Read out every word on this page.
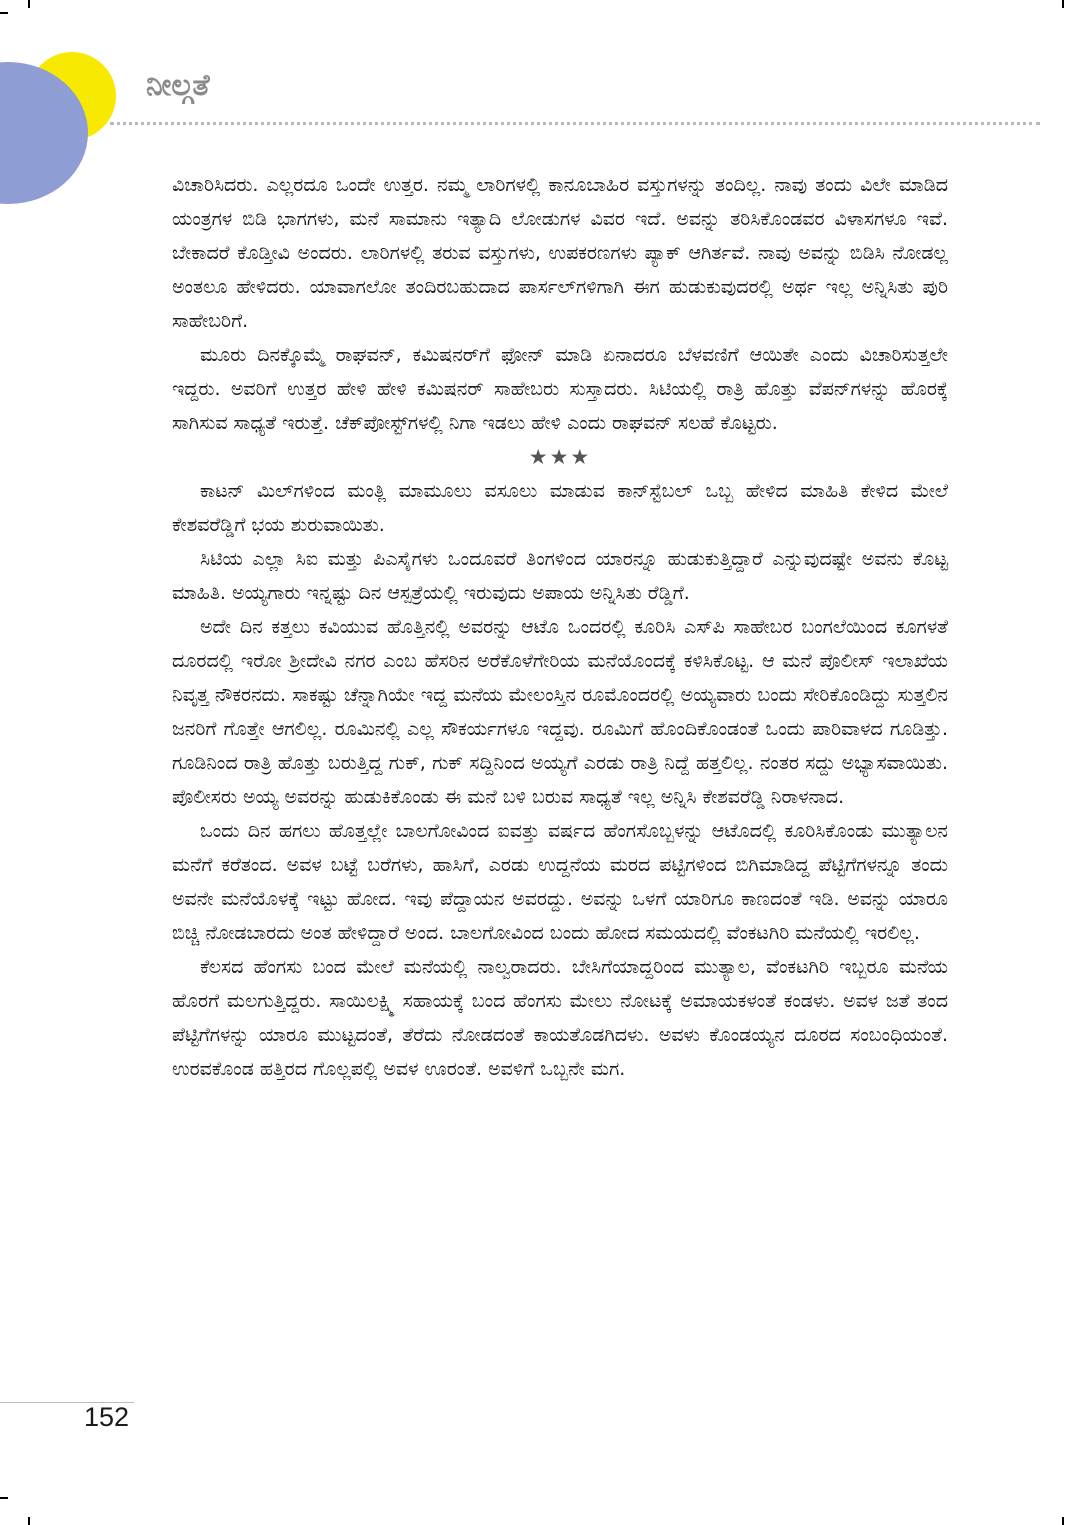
ನೀಲ್ಗತೆ

ವಿಚಾರಿಸಿದರು. ಎಲ್ಲರದೂ ಒಂದೇ ಉತ್ತರ. ನಮ್ಮ ಲಾರಿಗಳಲ್ಲಿ ಕಾನೂಬಾಹಿರ ವಸ್ತುಗಳನ್ನು ತಂದಿಲ್ಲ. ನಾವು ತಂದು ವಿಲೇ ಮಾಡಿದ ಯಂತ್ರಗಳ ಬಿಡಿ ಭಾಗಗಳು, ಮನೆ ಸಾಮಾನು ಇತ್ಯಾದಿ ಲೋಡುಗಳ ವಿವರ ಇದೆ. ಅವನ್ನು ತರಿಸಿಕೊಂಡವರ ವಿಳಾಸಗಳೂ ಇವೆ. ಬೇಕಾದರೆ ಕೊಡ್ತೀವಿ ಅಂದರು. ಲಾರಿಗಳಲ್ಲಿ ತರುವ ವಸ್ತುಗಳು, ಉಪಕರಣಗಳು ಪ್ಯಾಕ್ ಆಗಿರ್ತವೆ. ನಾವು ಅವನ್ನು ಬಿಡಿಸಿ ನೋಡಲ್ಲ ಅಂತಲೂ ಹೇಳಿದರು. ಯಾವಾಗಲೋ ತಂದಿರಬಹುದಾದ ಪಾರ್ಸಲ್‌ಗಳಿಗಾಗಿ ಈಗ ಹುಡುಕುವುದರಲ್ಲಿ ಅರ್ಥ ಇಲ್ಲ ಅನ್ನಿಸಿತು ಪುರಿ ಸಾಹೇಬರಿಗೆ.

ಮೂರು ದಿನಕ್ಕೊಮ್ಮೆ ರಾಘವನ್, ಕಮಿಷನರ್‌ಗೆ ಫೋನ್ ಮಾಡಿ ಏನಾದರೂ ಬೆಳವಣಿಗೆ ಆಯಿತೇ ಎಂದು ವಿಚಾರಿಸುತ್ತಲೇ ಇದ್ದರು. ಅವರಿಗೆ ಉತ್ತರ ಹೇಳಿ ಹೇಳಿ ಕಮಿಷನರ್ ಸಾಹೇಬರು ಸುಸ್ತಾದರು. ಸಿಟಿಯಲ್ಲಿ ರಾತ್ರಿ ಹೊತ್ತು ವೆಪನ್‌ಗಳನ್ನು ಹೊರಕ್ಕೆ ಸಾಗಿಸುವ ಸಾಧ್ಯತೆ ಇರುತ್ತೆ. ಚೆಕ್‌ಪೋಸ್ಟ್‌ಗಳಲ್ಲಿ ನಿಗಾ ಇಡಲು ಹೇಳಿ ಎಂದು ರಾಘವನ್ ಸಲಹೆ ಕೊಟ್ಟರು.

★★★

ಕಾಟನ್ ಮಿಲ್‌ಗಳಿಂದ ಮಂತ್ಲಿ ಮಾಮೂಲು ವಸೂಲು ಮಾಡುವ ಕಾನ್‌ಸ್ಟೆಬಲ್ ಒಬ್ಬ ಹೇಳಿದ ಮಾಹಿತಿ ಕೇಳಿದ ಮೇಲೆ ಕೇಶವರೆಡ್ಡಿಗೆ ಭಯ ಶುರುವಾಯಿತು.

ಸಿಟಿಯ ಎಲ್ಲಾ ಸಿಐ ಮತ್ತು ಪಿಎಸೈಗಳು ಒಂದೂವರೆ ತಿಂಗಳಿಂದ ಯಾರನ್ನೂ ಹುಡುಕುತ್ತಿದ್ದಾರೆ ಎನ್ನುವುದಷ್ಟೇ ಅವನು ಕೊಟ್ಟ ಮಾಹಿತಿ. ಅಯ್ಯಗಾರು ಇನ್ನಷ್ಟು ದಿನ ಆಸ್ಪತ್ರೆಯಲ್ಲಿ ಇರುವುದು ಅಪಾಯ ಅನ್ನಿಸಿತು ರೆಡ್ಡಿಗೆ.

ಅದೇ ದಿನ ಕತ್ತಲು ಕವಿಯುವ ಹೊತ್ತಿನಲ್ಲಿ ಅವರನ್ನು ಆಟೊ ಒಂದರಲ್ಲಿ ಕೂರಿಸಿ ಎಸ್‌ಪಿ ಸಾಹೇಬರ ಬಂಗಲೆಯಿಂದ ಕೂಗಳತೆ ದೂರದಲ್ಲಿ ಇರೋ ಶ್ರೀದೇವಿ ನಗರ ಎಂಬ ಹೆಸರಿನ ಅರೆಕೊಳೆಗೇರಿಯ ಮನೆಯೊಂದಕ್ಕೆ ಕಳಿಸಿಕೊಟ್ಟ. ಆ ಮನೆ ಪೊಲೀಸ್ ಇಲಾಖೆಯ ನಿವೃತ್ತ ನೌಕರನದು. ಸಾಕಷ್ಟು ಚೆನ್ನಾಗಿಯೇ ಇದ್ದ ಮನೆಯ ಮೇಲಂಸ್ತಿನ ರೂಮೊಂದರಲ್ಲಿ ಅಯ್ಯವಾರು ಬಂದು ಸೇರಿಕೊಂಡಿದ್ದು ಸುತ್ತಲಿನ ಜನರಿಗೆ ಗೊತ್ತೇ ಆಗಲಿಲ್ಲ. ರೂಮಿನಲ್ಲಿ ಎಲ್ಲ ಸೌಕರ್ಯಗಳೂ ಇದ್ದವು. ರೂಮಿಗೆ ಹೊಂದಿಕೊಂಡಂತೆ ಒಂದು ಪಾರಿವಾಳದ ಗೂಡಿತ್ತು. ಗೂಡಿನಿಂದ ರಾತ್ರಿ ಹೊತ್ತು ಬರುತ್ತಿದ್ದ ಗುಕ್, ಗುಕ್ ಸದ್ದಿನಿಂದ ಅಯ್ಯಗೆ ಎರಡು ರಾತ್ರಿ ನಿದ್ದೆ ಹತ್ತಲಿಲ್ಲ. ನಂತರ ಸದ್ದು ಅಭ್ಯಾಸವಾಯಿತು. ಪೊಲೀಸರು ಅಯ್ಯ ಅವರನ್ನು ಹುಡುಕಿಕೊಂಡು ಈ ಮನೆ ಬಳಿ ಬರುವ ಸಾಧ್ಯತೆ ಇಲ್ಲ ಅನ್ನಿಸಿ ಕೇಶವರೆಡ್ಡಿ ನಿರಾಳನಾದ.

ಒಂದು ದಿನ ಹಗಲು ಹೊತ್ತಲ್ಲೇ ಬಾಲಗೋವಿಂದ ಐವತ್ತು ವರ್ಷದ ಹೆಂಗಸೊಬ್ಬಳನ್ನು ಆಟೊದಲ್ಲಿ ಕೂರಿಸಿಕೊಂಡು ಮುತ್ಯಾಲನ ಮನೆಗೆ ಕರೆತಂದ. ಅವಳ ಬಟ್ಟೆ ಬರೆಗಳು, ಹಾಸಿಗೆ, ಎರಡು ಉದ್ದನೆಯ ಮರದ ಪಟ್ಟಿಗಳಿಂದ ಬಿಗಿಮಾಡಿದ್ದ ಪೆಟ್ಟಿಗೆಗಳನ್ನೂ ತಂದು ಅವನೇ ಮನೆಯೊಳಕ್ಕೆ ಇಟ್ಟು ಹೋದ. ಇವು ಪೆದ್ದಾಯನ ಅವರದ್ದು. ಅವನ್ನು ಒಳಗೆ ಯಾರಿಗೂ ಕಾಣದಂತೆ ಇಡಿ. ಅವನ್ನು ಯಾರೂ ಬಿಚ್ಚಿ ನೋಡಬಾರದು ಅಂತ ಹೇಳಿದ್ದಾರೆ ಅಂದ. ಬಾಲಗೋವಿಂದ ಬಂದು ಹೋದ ಸಮಯದಲ್ಲಿ ವೆಂಕಟಗಿರಿ ಮನೆಯಲ್ಲಿ ಇರಲಿಲ್ಲ.

ಕೆಲಸದ ಹೆಂಗಸು ಬಂದ ಮೇಲೆ ಮನೆಯಲ್ಲಿ ನಾಲ್ವರಾದರು. ಬೇಸಿಗೆಯಾದ್ದರಿಂದ ಮುತ್ಯಾಲ, ವೆಂಕಟಗಿರಿ ಇಬ್ಬರೂ ಮನೆಯ ಹೊರಗೆ ಮಲಗುತ್ತಿದ್ದರು. ಸಾಯಿಲಕ್ಷ್ಮಿ ಸಹಾಯಕ್ಕೆ ಬಂದ ಹೆಂಗಸು ಮೇಲು ನೋಟಕ್ಕೆ ಅಮಾಯಕಳಂತೆ ಕಂಡಳು. ಅವಳ ಜತೆ ತಂದ ಪೆಟ್ಟಿಗೆಗಳನ್ನು ಯಾರೂ ಮುಟ್ಟದಂತೆ, ತೆರೆದು ನೋಡದಂತೆ ಕಾಯತೊಡಗಿದಳು. ಅವಳು ಕೊಂಡಯ್ಯನ ದೂರದ ಸಂಬಂಧಿಯಂತೆ. ಉರವಕೊಂಡ ಹತ್ತಿರದ ಗೊಲ್ಲಪಲ್ಲಿ ಅವಳ ಊರಂತೆ. ಅವಳಿಗೆ ಒಬ್ಬನೇ ಮಗ.

152
